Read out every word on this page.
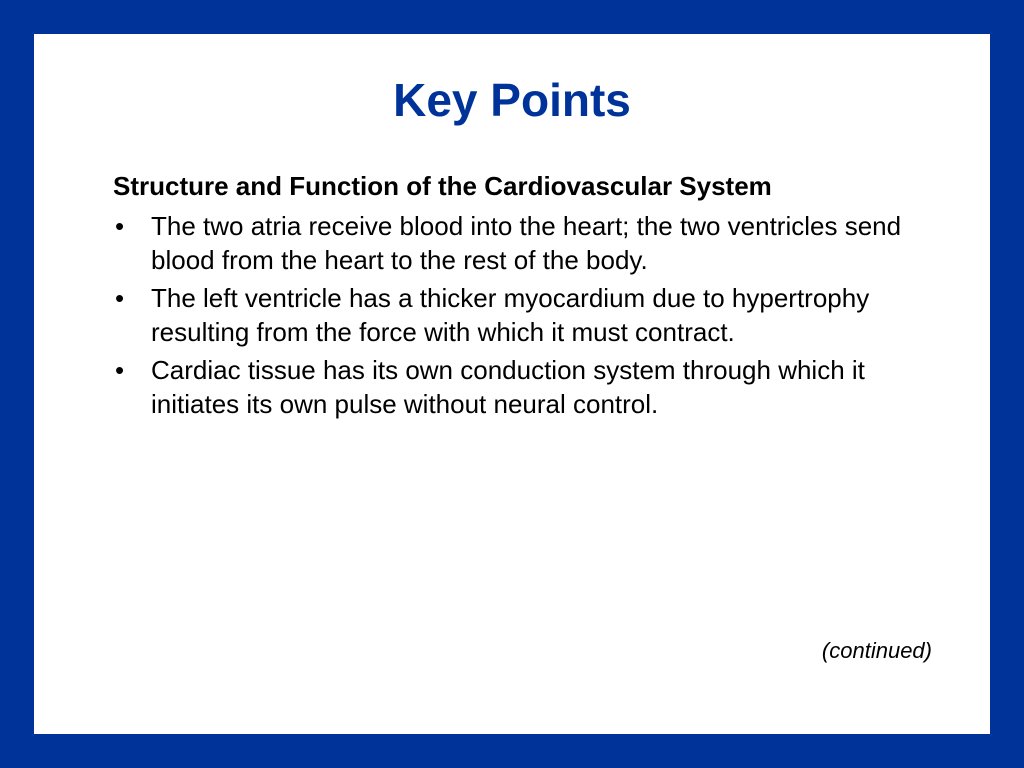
Key Points

Structure and Function of the Cardiovascular System

• The two atria receive blood into the heart; the two ventricles send blood from the heart to the rest of the body.
• The left ventricle has a thicker myocardium due to hypertrophy resulting from the force with which it must contract.
• Cardiac tissue has its own conduction system through which it initiates its own pulse without neural control.
(continued)
